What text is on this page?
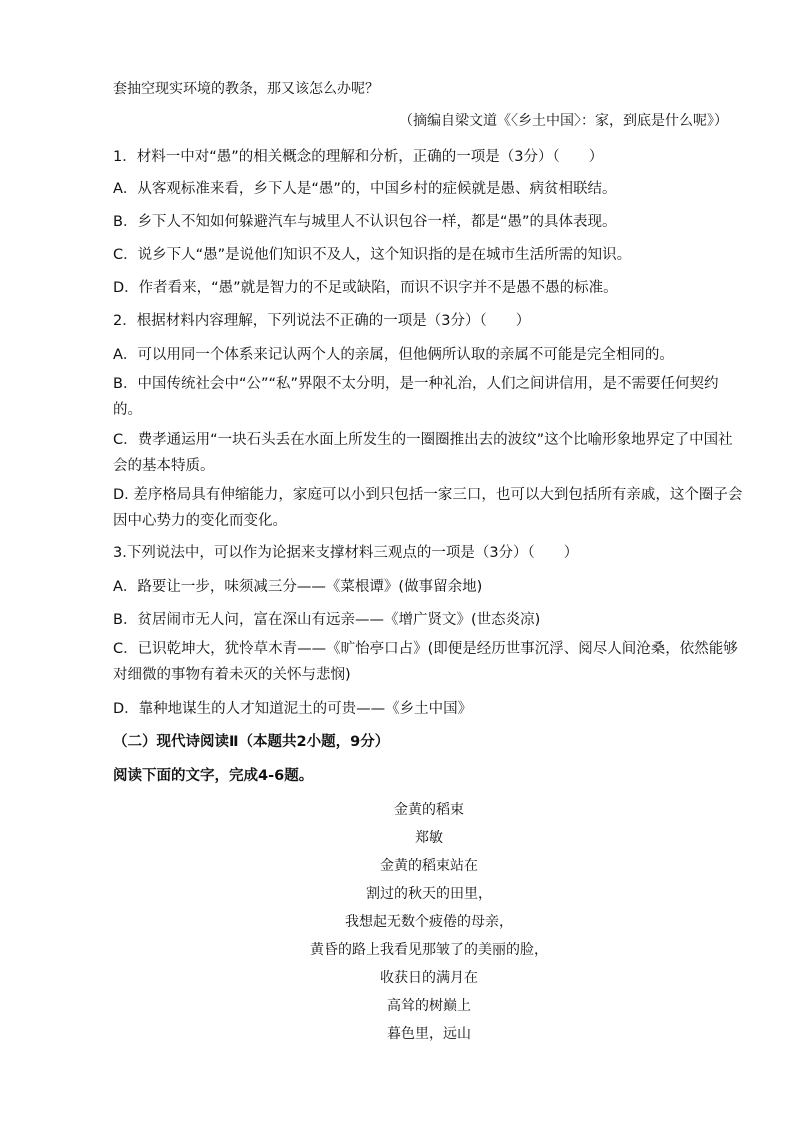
套抽空现实环境的教条，那又该怎么办呢？
（摘编自梁文道《〈乡土中国〉：家，到底是什么呢》）
1．材料一中对“愚”的相关概念的理解和分析，正确的一项是（3分）（　　）
A．从客观标准来看，乡下人是“愚”的，中国乡村的症候就是愚、病贫相联结。
B．乡下人不知如何躲避汽车与城里人不认识包谷一样，都是“愚”的具体表现。
C．说乡下人“愚”是说他们知识不及人，这个知识指的是在城市生活所需的知识。
D．作者看来，“愚”就是智力的不足或缺陷，而识不识字并不是愚不愚的标准。
2．根据材料内容理解，下列说法不正确的一项是（3分）（　　）
A．可以用同一个体系来记认两个人的亲属，但他俩所认取的亲属不可能是完全相同的。
B．中国传统社会中“公”“私”界限不太分明，是一种礼治，人们之间讲信用，是不需要任何契约的。
C．费孝通运用“一块石头丢在水面上所发生的一圈圈推出去的波纹”这个比喻形象地界定了中国社会的基本特质。
D. 差序格局具有伸缩能力，家庭可以小到只包括一家三口，也可以大到包括所有亲戚，这个圈子会因中心势力的变化而变化。
3.下列说法中，可以作为论据来支撑材料三观点的一项是（3分）（　　）
A．路要让一步，味须减三分——《菜根谭》(做事留余地)
B．贫居闹市无人问，富在深山有远亲——《增广贤文》(世态炎凉)
C．已识乾坤大，犹怜草木青——《旷怡亭口占》(即便是经历世事沉浮、阅尽人间沧桑，依然能够对细微的事物有着未灭的关怀与悲悯)
D．靠种地谋生的人才知道泥土的可贵——《乡土中国》
（二）现代诗阅读Ⅱ（本题共2小题，9分）
阅读下面的文字，完成4-6题。
金黄的稻束
郑敏
金黄的稻束站在
割过的秋天的田里，
我想起无数个疲倦的母亲，
黄昏的路上我看见那皱了的美丽的脸，
收获日的满月在
高耸的树巅上
暮色里，远山
